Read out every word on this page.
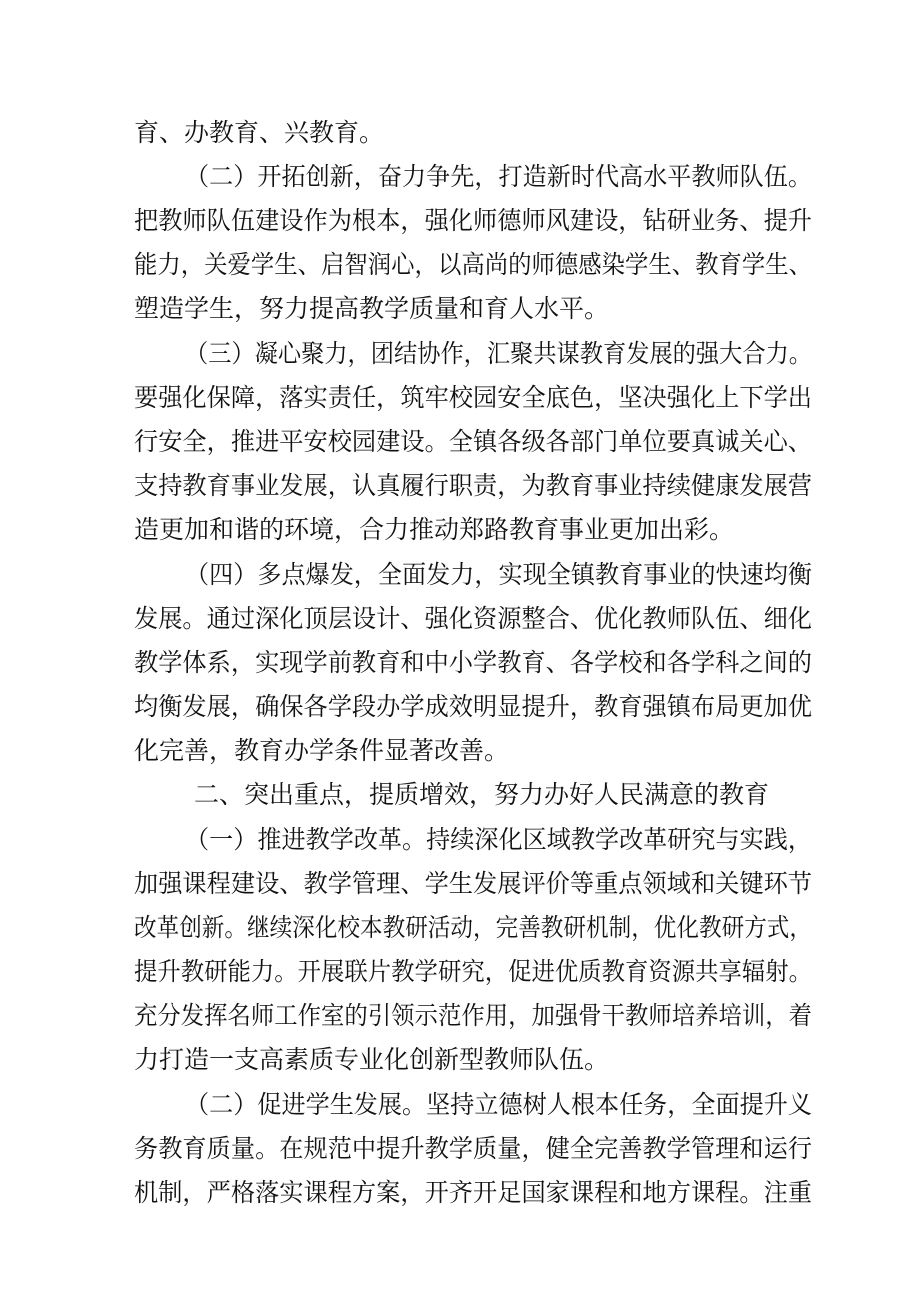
育、办教育、兴教育。
（二）开拓创新，奋力争先，打造新时代高水平教师队伍。
把教师队伍建设作为根本，强化师德师风建设，钻研业务、提升
能力，关爱学生、启智润心，以高尚的师德感染学生、教育学生、
塑造学生，努力提高教学质量和育人水平。
（三）凝心聚力，团结协作，汇聚共谋教育发展的强大合力。
要强化保障，落实责任，筑牢校园安全底色，坚决强化上下学出
行安全，推进平安校园建设。全镇各级各部门单位要真诚关心、
支持教育事业发展，认真履行职责，为教育事业持续健康发展营
造更加和谐的环境，合力推动郑路教育事业更加出彩。
（四）多点爆发，全面发力，实现全镇教育事业的快速均衡
发展。通过深化顶层设计、强化资源整合、优化教师队伍、细化
教学体系，实现学前教育和中小学教育、各学校和各学科之间的
均衡发展，确保各学段办学成效明显提升，教育强镇布局更加优
化完善，教育办学条件显著改善。
二、突出重点，提质增效，努力办好人民满意的教育
（一）推进教学改革。持续深化区域教学改革研究与实践，
加强课程建设、教学管理、学生发展评价等重点领域和关键环节
改革创新。继续深化校本教研活动，完善教研机制，优化教研方式，
提升教研能力。开展联片教学研究，促进优质教育资源共享辐射。
充分发挥名师工作室的引领示范作用，加强骨干教师培养培训，着
力打造一支高素质专业化创新型教师队伍。
（二）促进学生发展。坚持立德树人根本任务，全面提升义
务教育质量。在规范中提升教学质量，健全完善教学管理和运行
机制，严格落实课程方案，开齐开足国家课程和地方课程。注重
